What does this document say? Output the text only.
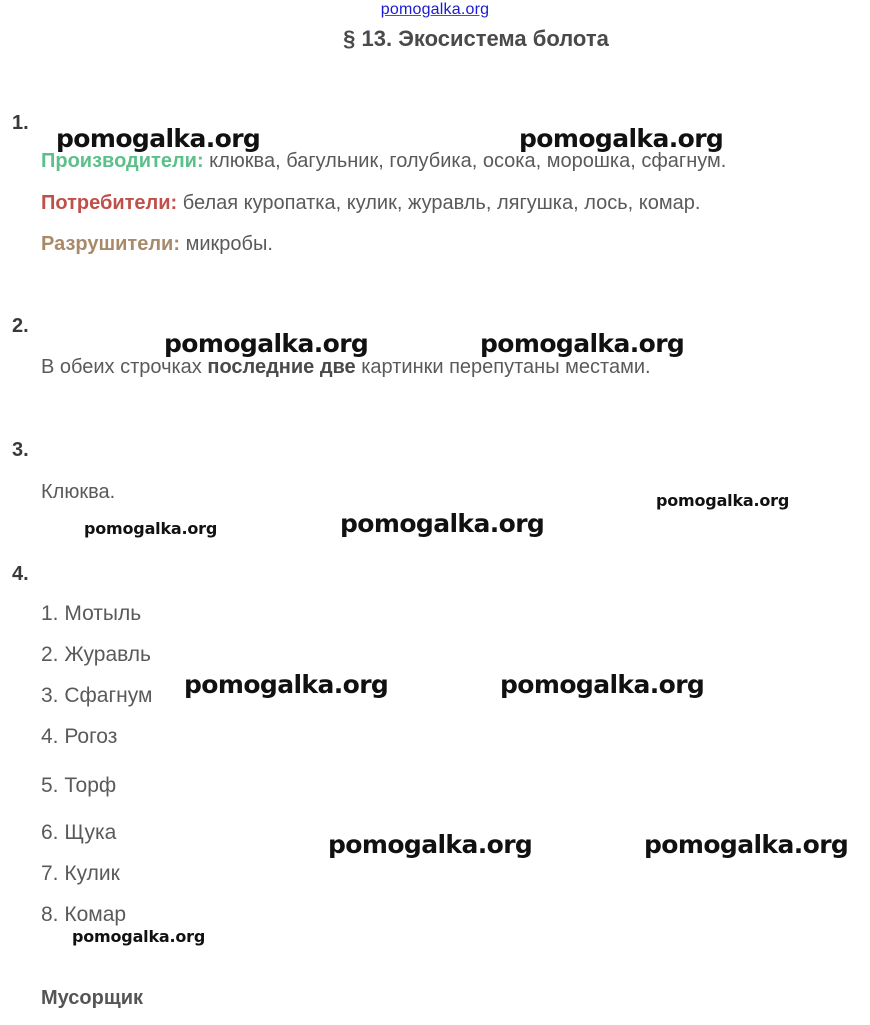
pomogalka.org
§ 13. Экосистема болота
1.
Производители: клюква, багульник, голубика, осока, морошка, сфагнум.
Потребители: белая куропатка, кулик, журавль, лягушка, лось, комар.
Разрушители: микробы.
2.
В обеих строчках последние две картинки перепутаны местами.
3.
Клюква.
4.
1. Мотыль
2. Журавль
3. Сфагнум
4. Рогоз
5. Торф
6. Щука
7. Кулик
8. Комар
Мусорщик
pomogalka.org	pomogalka.org
pomogalka.org	pomogalka.org
pomogalka.org
pomogalka.org	pomogalka.org
pomogalka.org	pomogalka.org
pomogalka.org	pomogalka.org
pomogalka.org
